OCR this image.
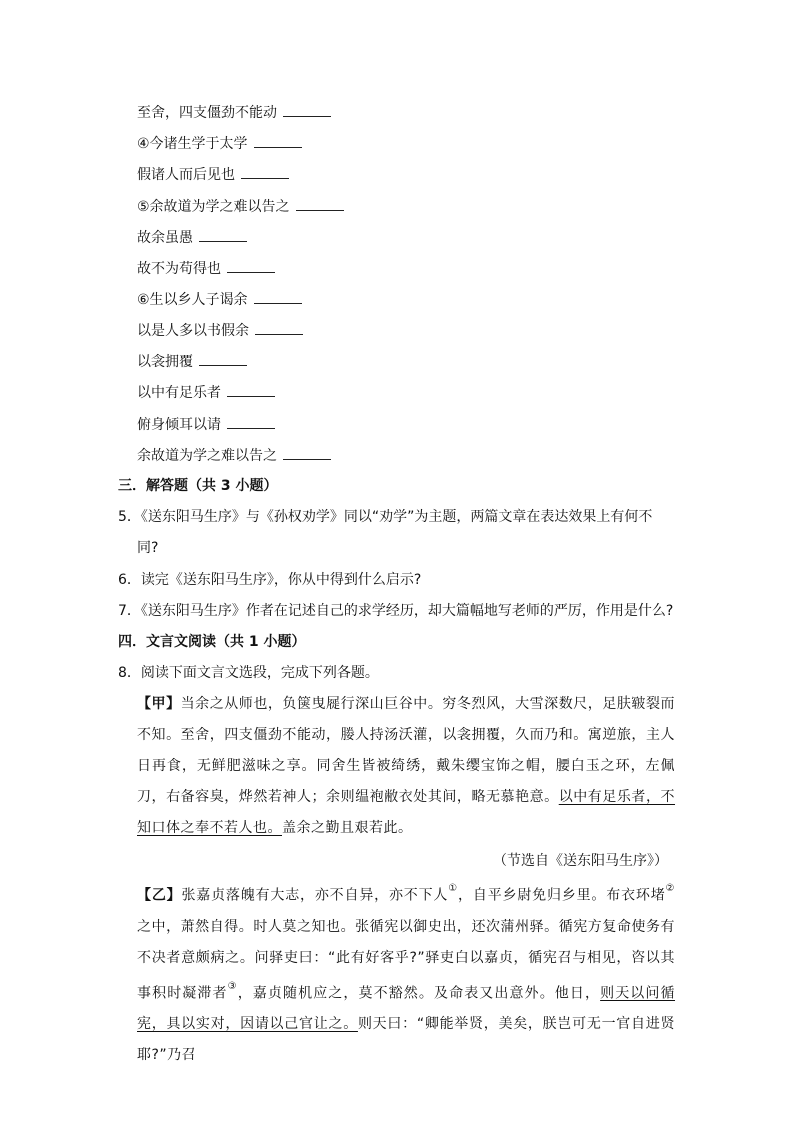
至舍，四支僵劲不能动
④今诸生学于太学
假诸人而后见也
⑤余故道为学之难以告之
故余虽愚
故不为苟得也
⑥生以乡人子谒余
以是人多以书假余
以衾拥覆
以中有足乐者
俯身倾耳以请
余故道为学之难以告之
三．解答题（共 3 小题）
5．《送东阳马生序》与《孙权劝学》同以“劝学”为主题，两篇文章在表达效果上有何不
同?
6．读完《送东阳马生序》，你从中得到什么启示?
7．《送东阳马生序》作者在记述自己的求学经历，却大篇幅地写老师的严厉，作用是什么?
四．文言文阅读（共 1 小题）
8．阅读下面文言文选段，完成下列各题。
【甲】当余之从师也，负箧曳屣行深山巨谷中。穷冬烈风，大雪深数尺，足肤皲裂而不知。至舍，四支僵劲不能动，媵人持汤沃灌，以衾拥覆，久而乃和。寓逆旅，主人日再食，无鲜肥滋味之享。同舍生皆被绮绣，戴朱缨宝饰之帽，腰白玉之环，左佩刀，右备容臭，烨然若神人；余则缊袍敝衣处其间，略无慕艳意。以中有足乐者，不知口体之奉不若人也。盖余之勤且艰若此。
（节选自《送东阳马生序》）
【乙】张嘉贞落魄有大志，亦不自异，亦不下人①，自平乡尉免归乡里。布衣环堵②之中，萧然自得。时人莫之知也。张循宪以御史出，还次蒲州驿。循宪方复命使务有不决者意颇病之。问驿吏曰：“此有好客乎?”驿吏白以嘉贞，循宪召与相见，咨以其事积时凝滞者③，嘉贞随机应之，莫不豁然。及命表又出意外。他日，则天以问循宪，具以实对，因请以己官让之。则天曰：“卿能举贤，美矣，朕岂可无一官自进贤耶?”乃召
